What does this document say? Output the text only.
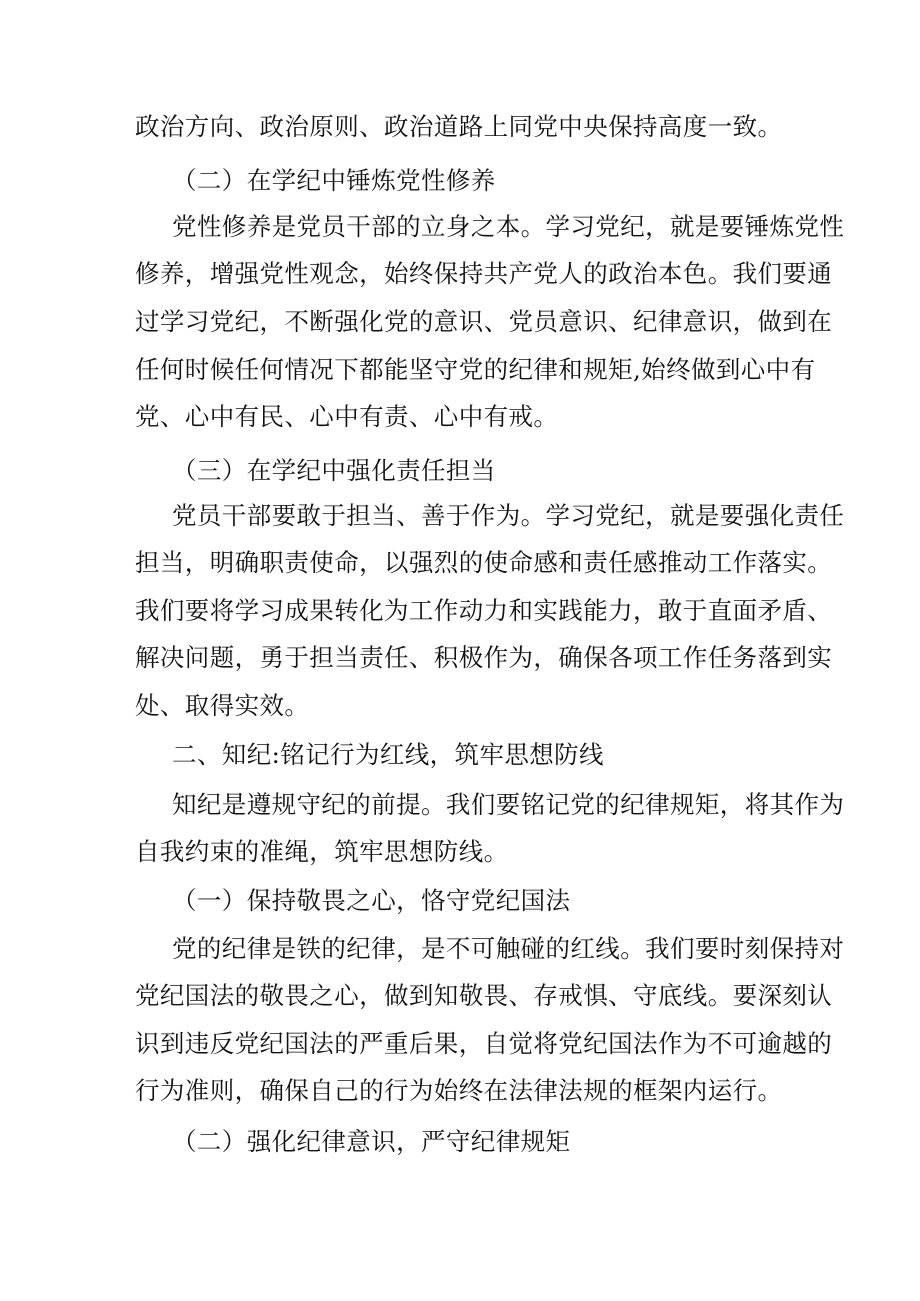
政治方向、政治原则、政治道路上同党中央保持高度一致。
（二）在学纪中锤炼党性修养
党性修养是党员干部的立身之本。学习党纪，就是要锤炼党性
修养，增强党性观念，始终保持共产党人的政治本色。我们要通
过学习党纪，不断强化党的意识、党员意识、纪律意识，做到在
任何时候任何情况下都能坚守党的纪律和规矩,始终做到心中有
党、心中有民、心中有责、心中有戒。
（三）在学纪中强化责任担当
党员干部要敢于担当、善于作为。学习党纪，就是要强化责任
担当，明确职责使命，以强烈的使命感和责任感推动工作落实。
我们要将学习成果转化为工作动力和实践能力，敢于直面矛盾、
解决问题，勇于担当责任、积极作为，确保各项工作任务落到实
处、取得实效。
二、知纪:铭记行为红线，筑牢思想防线
知纪是遵规守纪的前提。我们要铭记党的纪律规矩，将其作为
自我约束的准绳，筑牢思想防线。
（一）保持敬畏之心，恪守党纪国法
党的纪律是铁的纪律，是不可触碰的红线。我们要时刻保持对
党纪国法的敬畏之心，做到知敬畏、存戒惧、守底线。要深刻认
识到违反党纪国法的严重后果，自觉将党纪国法作为不可逾越的
行为准则，确保自己的行为始终在法律法规的框架内运行。
（二）强化纪律意识，严守纪律规矩
